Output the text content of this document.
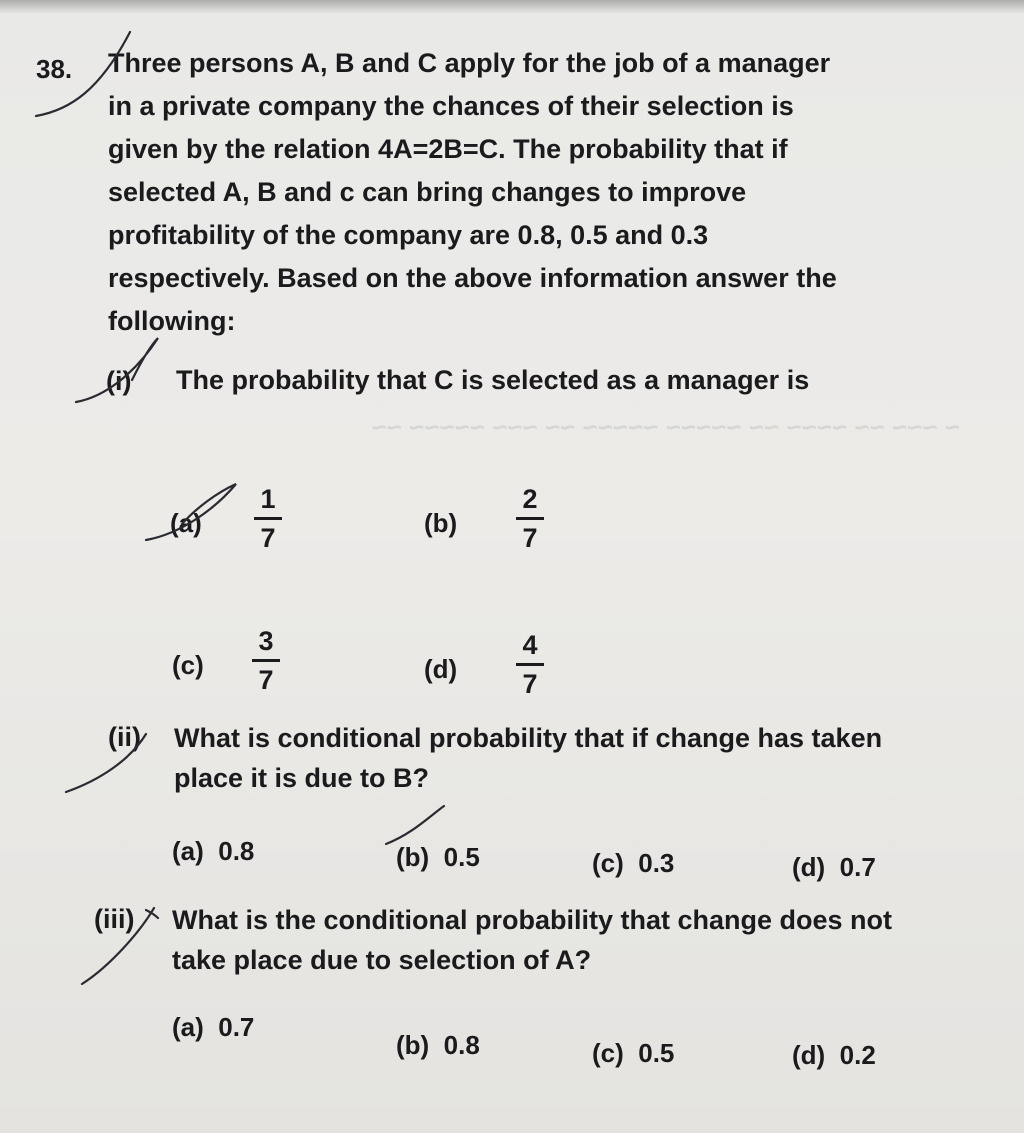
~ ~~~ ~~ ~~~~ ~~ ~~~~~ ~~~~~ ~~ ~~~ ~~~~~ ~~
38. Three persons A, B and C apply for the job of a manager
in a private company the chances of their selection is
given by the relation 4A=2B=C. The probability that if
selected A, B and c can bring changes to improve
profitability of the company are 0.8, 0.5 and 0.3
respectively. Based on the above information answer the
following:
(i) The probability that C is selected as a manager is
(a)
1
7	(b)
2
7
(c)
3
7	(d)
4
7
(ii) What is conditional probability that if change has taken
place it is due to B?
(a) 0.8	(b) 0.5	(c) 0.3	(d) 0.7
(iii) What is the conditional probability that change does not
take place due to selection of A?
(a) 0.7
(b) 0.8	(c) 0.5	(d) 0.2
